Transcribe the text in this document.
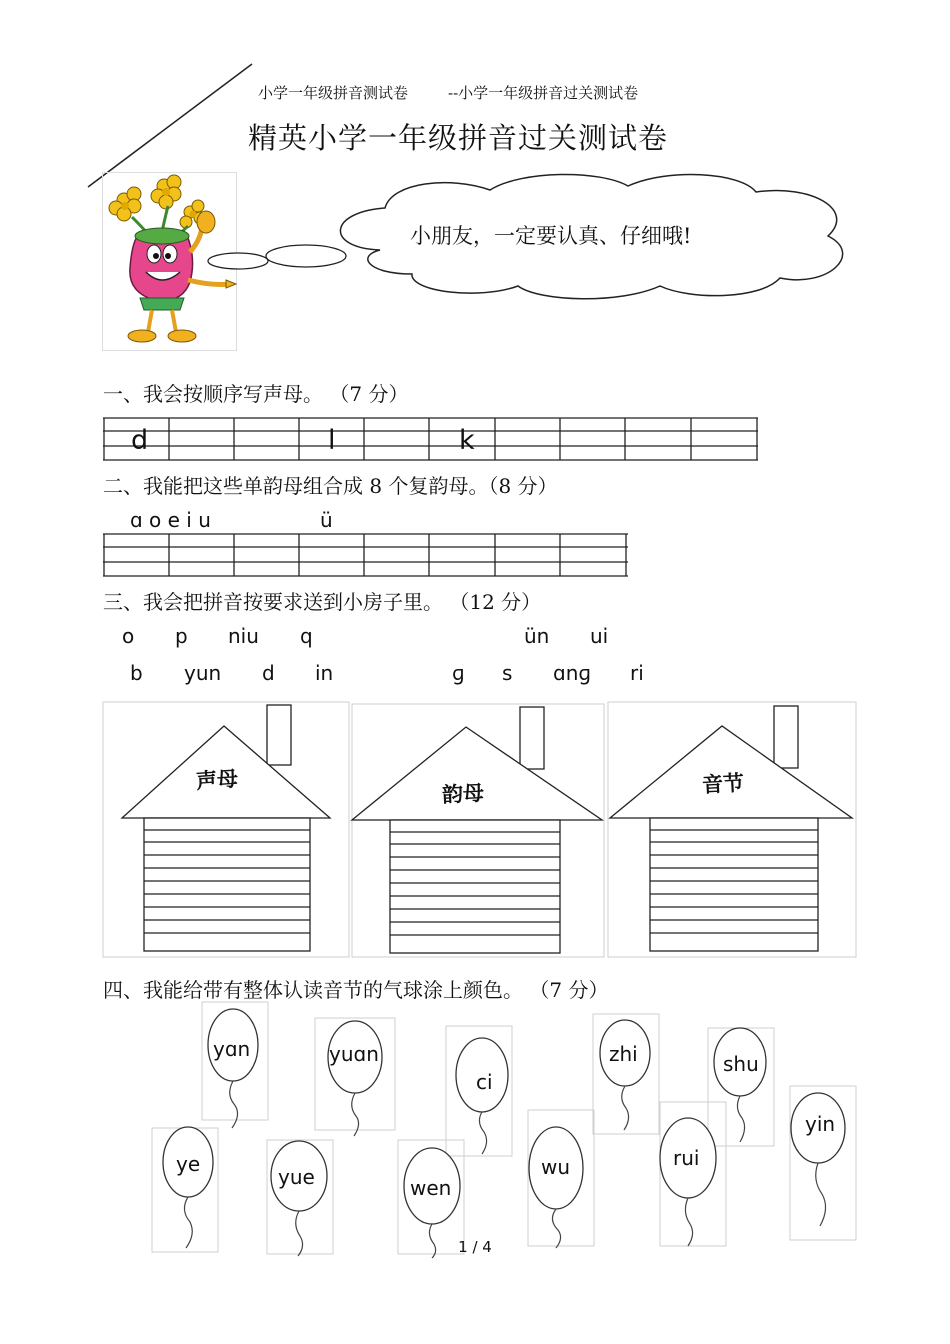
小学一年级拼音测试卷	--小学一年级拼音过关测试卷
精英小学一年级拼音过关测试卷
小朋友，一定要认真、仔细哦!
一、我会按顺序写声母。 （7 分）
d	l	k
二、我能把这些单韵母组合成 8 个复韵母。（8 分）
ɑ o e i u	ü
三、我会把拼音按要求送到小房子里。 （12 分）
o p niu q	ün ui
b yun d in	ɡ s ɑnɡ ri
声母
韵母	音节
四、我能给带有整体认读音节的气球涂上颜色。 （7 分）
yɑn	yuɑn
ci
zhi	shu
yin
ye
yue	wen
wu	rui
1 / 4
